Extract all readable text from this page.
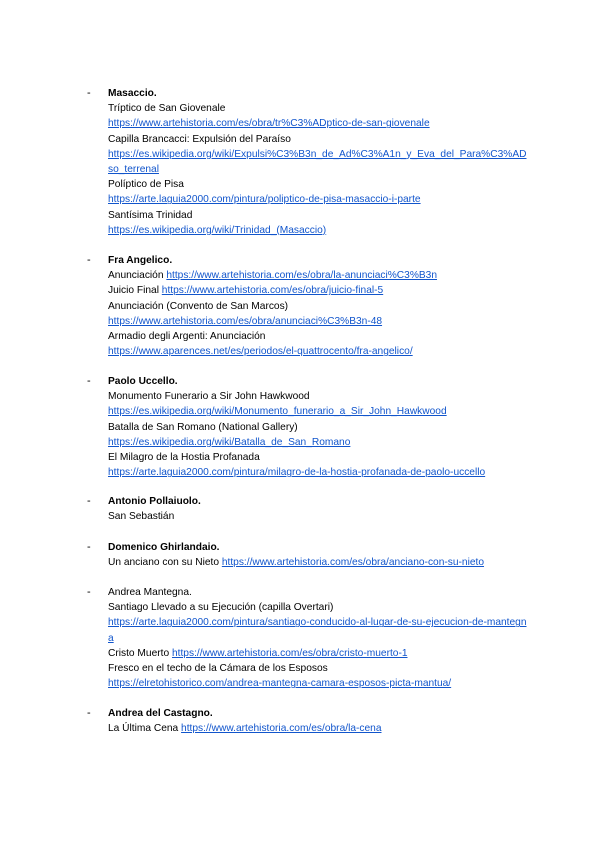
- Masaccio.
Tríptico de San Giovenale
https://www.artehistoria.com/es/obra/tr%C3%ADptico-de-san-giovenale
Capilla Brancacci: Expulsión del Paraíso
https://es.wikipedia.org/wiki/Expulsi%C3%B3n_de_Ad%C3%A1n_y_Eva_del_Para%C3%ADso_terrenal
Políptico de Pisa
https://arte.laguia2000.com/pintura/poliptico-de-pisa-masaccio-i-parte
Santísima Trinidad
https://es.wikipedia.org/wiki/Trinidad_(Masaccio)
- Fra Angelico.
Anunciación https://www.artehistoria.com/es/obra/la-anunciaci%C3%B3n
Juicio Final https://www.artehistoria.com/es/obra/juicio-final-5
Anunciación (Convento de San Marcos)
https://www.artehistoria.com/es/obra/anunciaci%C3%B3n-48
Armadio degli Argenti: Anunciación
https://www.aparences.net/es/periodos/el-quattrocento/fra-angelico/
- Paolo Uccello.
Monumento Funerario a Sir John Hawkwood
https://es.wikipedia.org/wiki/Monumento_funerario_a_Sir_John_Hawkwood
Batalla de San Romano (National Gallery)
https://es.wikipedia.org/wiki/Batalla_de_San_Romano
El Milagro de la Hostia Profanada
https://arte.laguia2000.com/pintura/milagro-de-la-hostia-profanada-de-paolo-uccello
- Antonio Pollaiuolo.
San Sebastián
- Domenico Ghirlandaio.
Un anciano con su Nieto https://www.artehistoria.com/es/obra/anciano-con-su-nieto
- Andrea Mantegna.
Santiago Llevado a su Ejecución (capilla Overtari)
https://arte.laguia2000.com/pintura/santiago-conducido-al-lugar-de-su-ejecucion-de-mantegna
Cristo Muerto https://www.artehistoria.com/es/obra/cristo-muerto-1
Fresco en el techo de la Cámara de los Esposos
https://elretohistorico.com/andrea-mantegna-camara-esposos-picta-mantua/
- Andrea del Castagno.
La Última Cena https://www.artehistoria.com/es/obra/la-cena
